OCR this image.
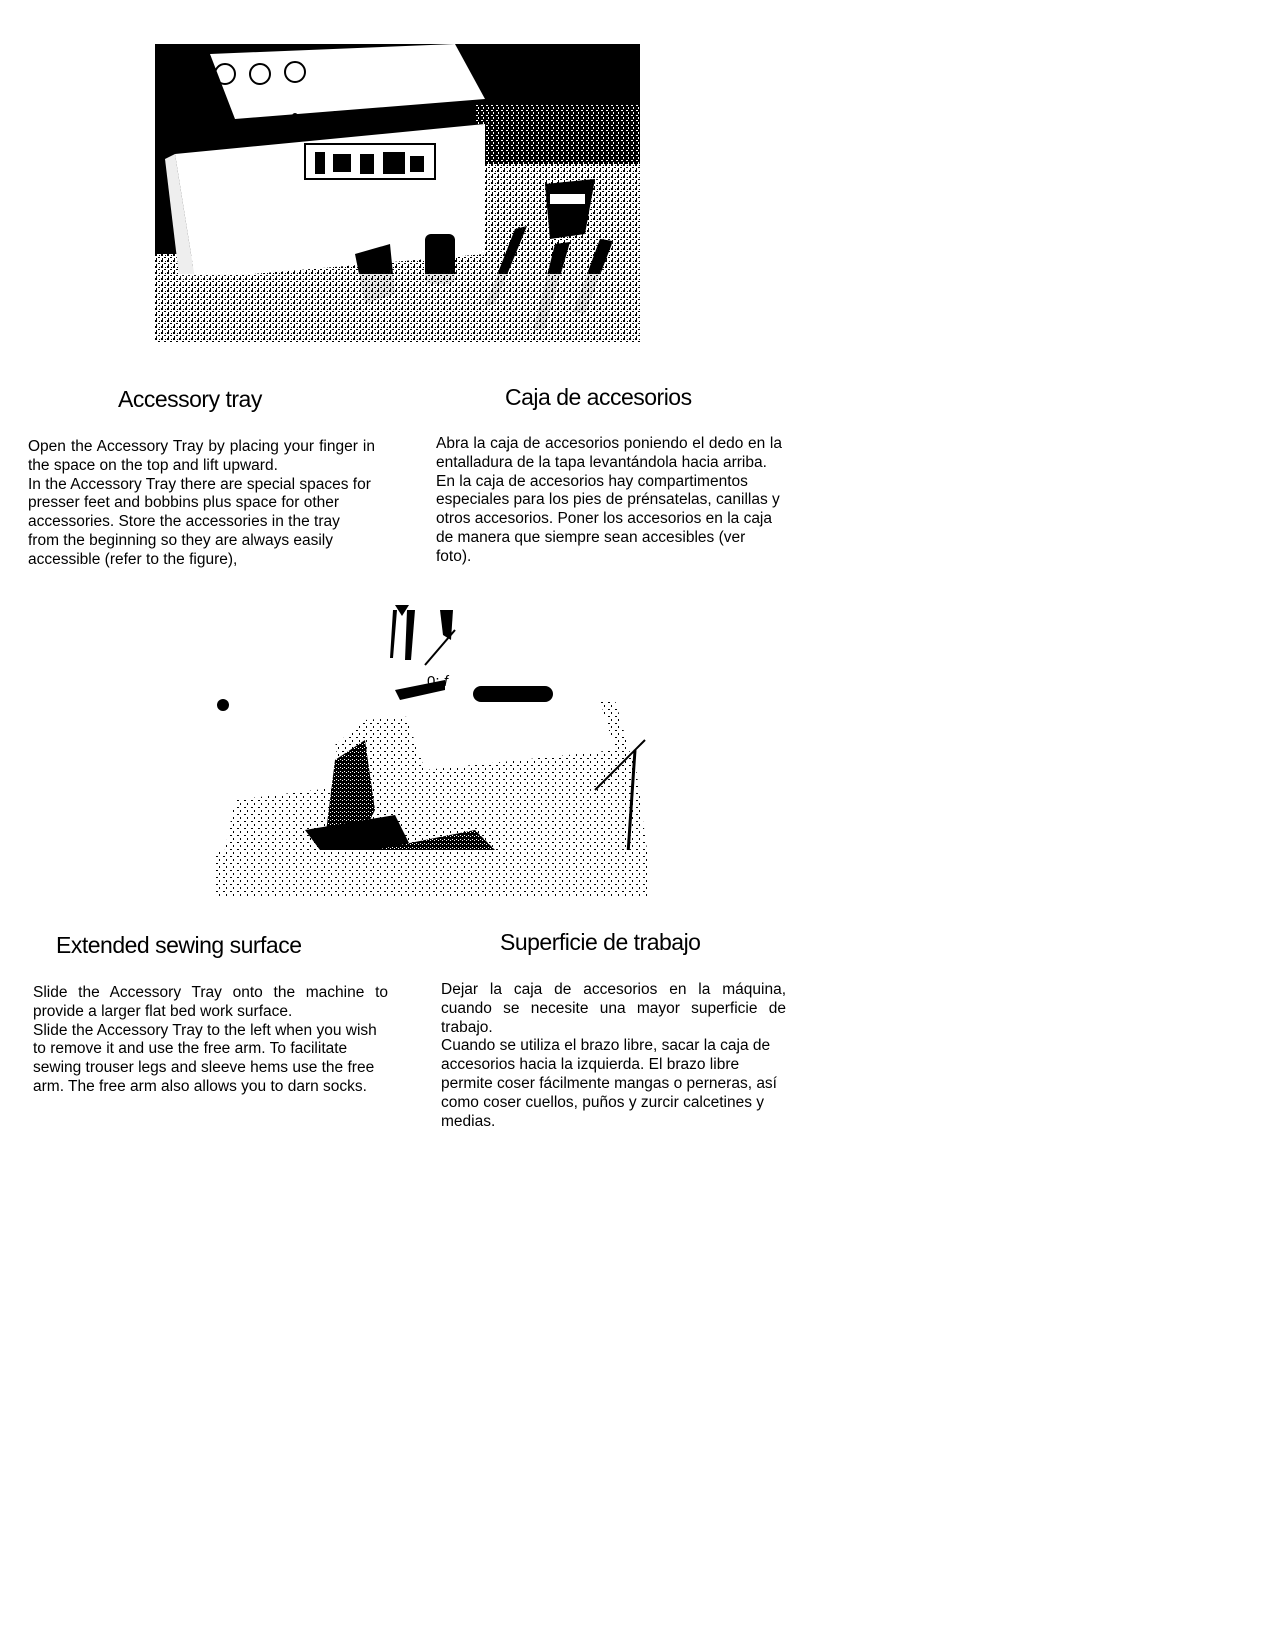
Accessory tray	Caja de accesorios
Open the Accessory Tray by placing your finger in the space on the top and lift upward.
In the Accessory Tray there are special spaces for presser feet and bobbins plus space for other accessories. Store the accessories in the tray from the beginning so they are always easily accessible (refer to the figure),
Abra la caja de accesorios poniendo el dedo en la entalladura de la tapa levantándola hacia arriba.
En la caja de accesorios hay compartimentos especiales para los pies de prénsatelas, canillas y otros accesorios. Poner los accesorios en la caja de manera que siempre sean accesibles (ver foto).
0: f
Extended sewing surface	Superficie de trabajo
Slide the Accessory Tray onto the machine to provide a larger flat bed work surface.
Slide the Accessory Tray to the left when you wish to remove it and use the free arm. To facilitate sewing trouser legs and sleeve hems use the free arm. The free arm also allows you to darn socks.
Dejar la caja de accesorios en la máquina, cuando se necesite una mayor superficie de trabajo.
Cuando se utiliza el brazo libre, sacar la caja de accesorios hacia la izquierda. El brazo libre permite coser fácilmente mangas o perneras, así como coser cuellos, puños y zurcir calcetines y medias.
